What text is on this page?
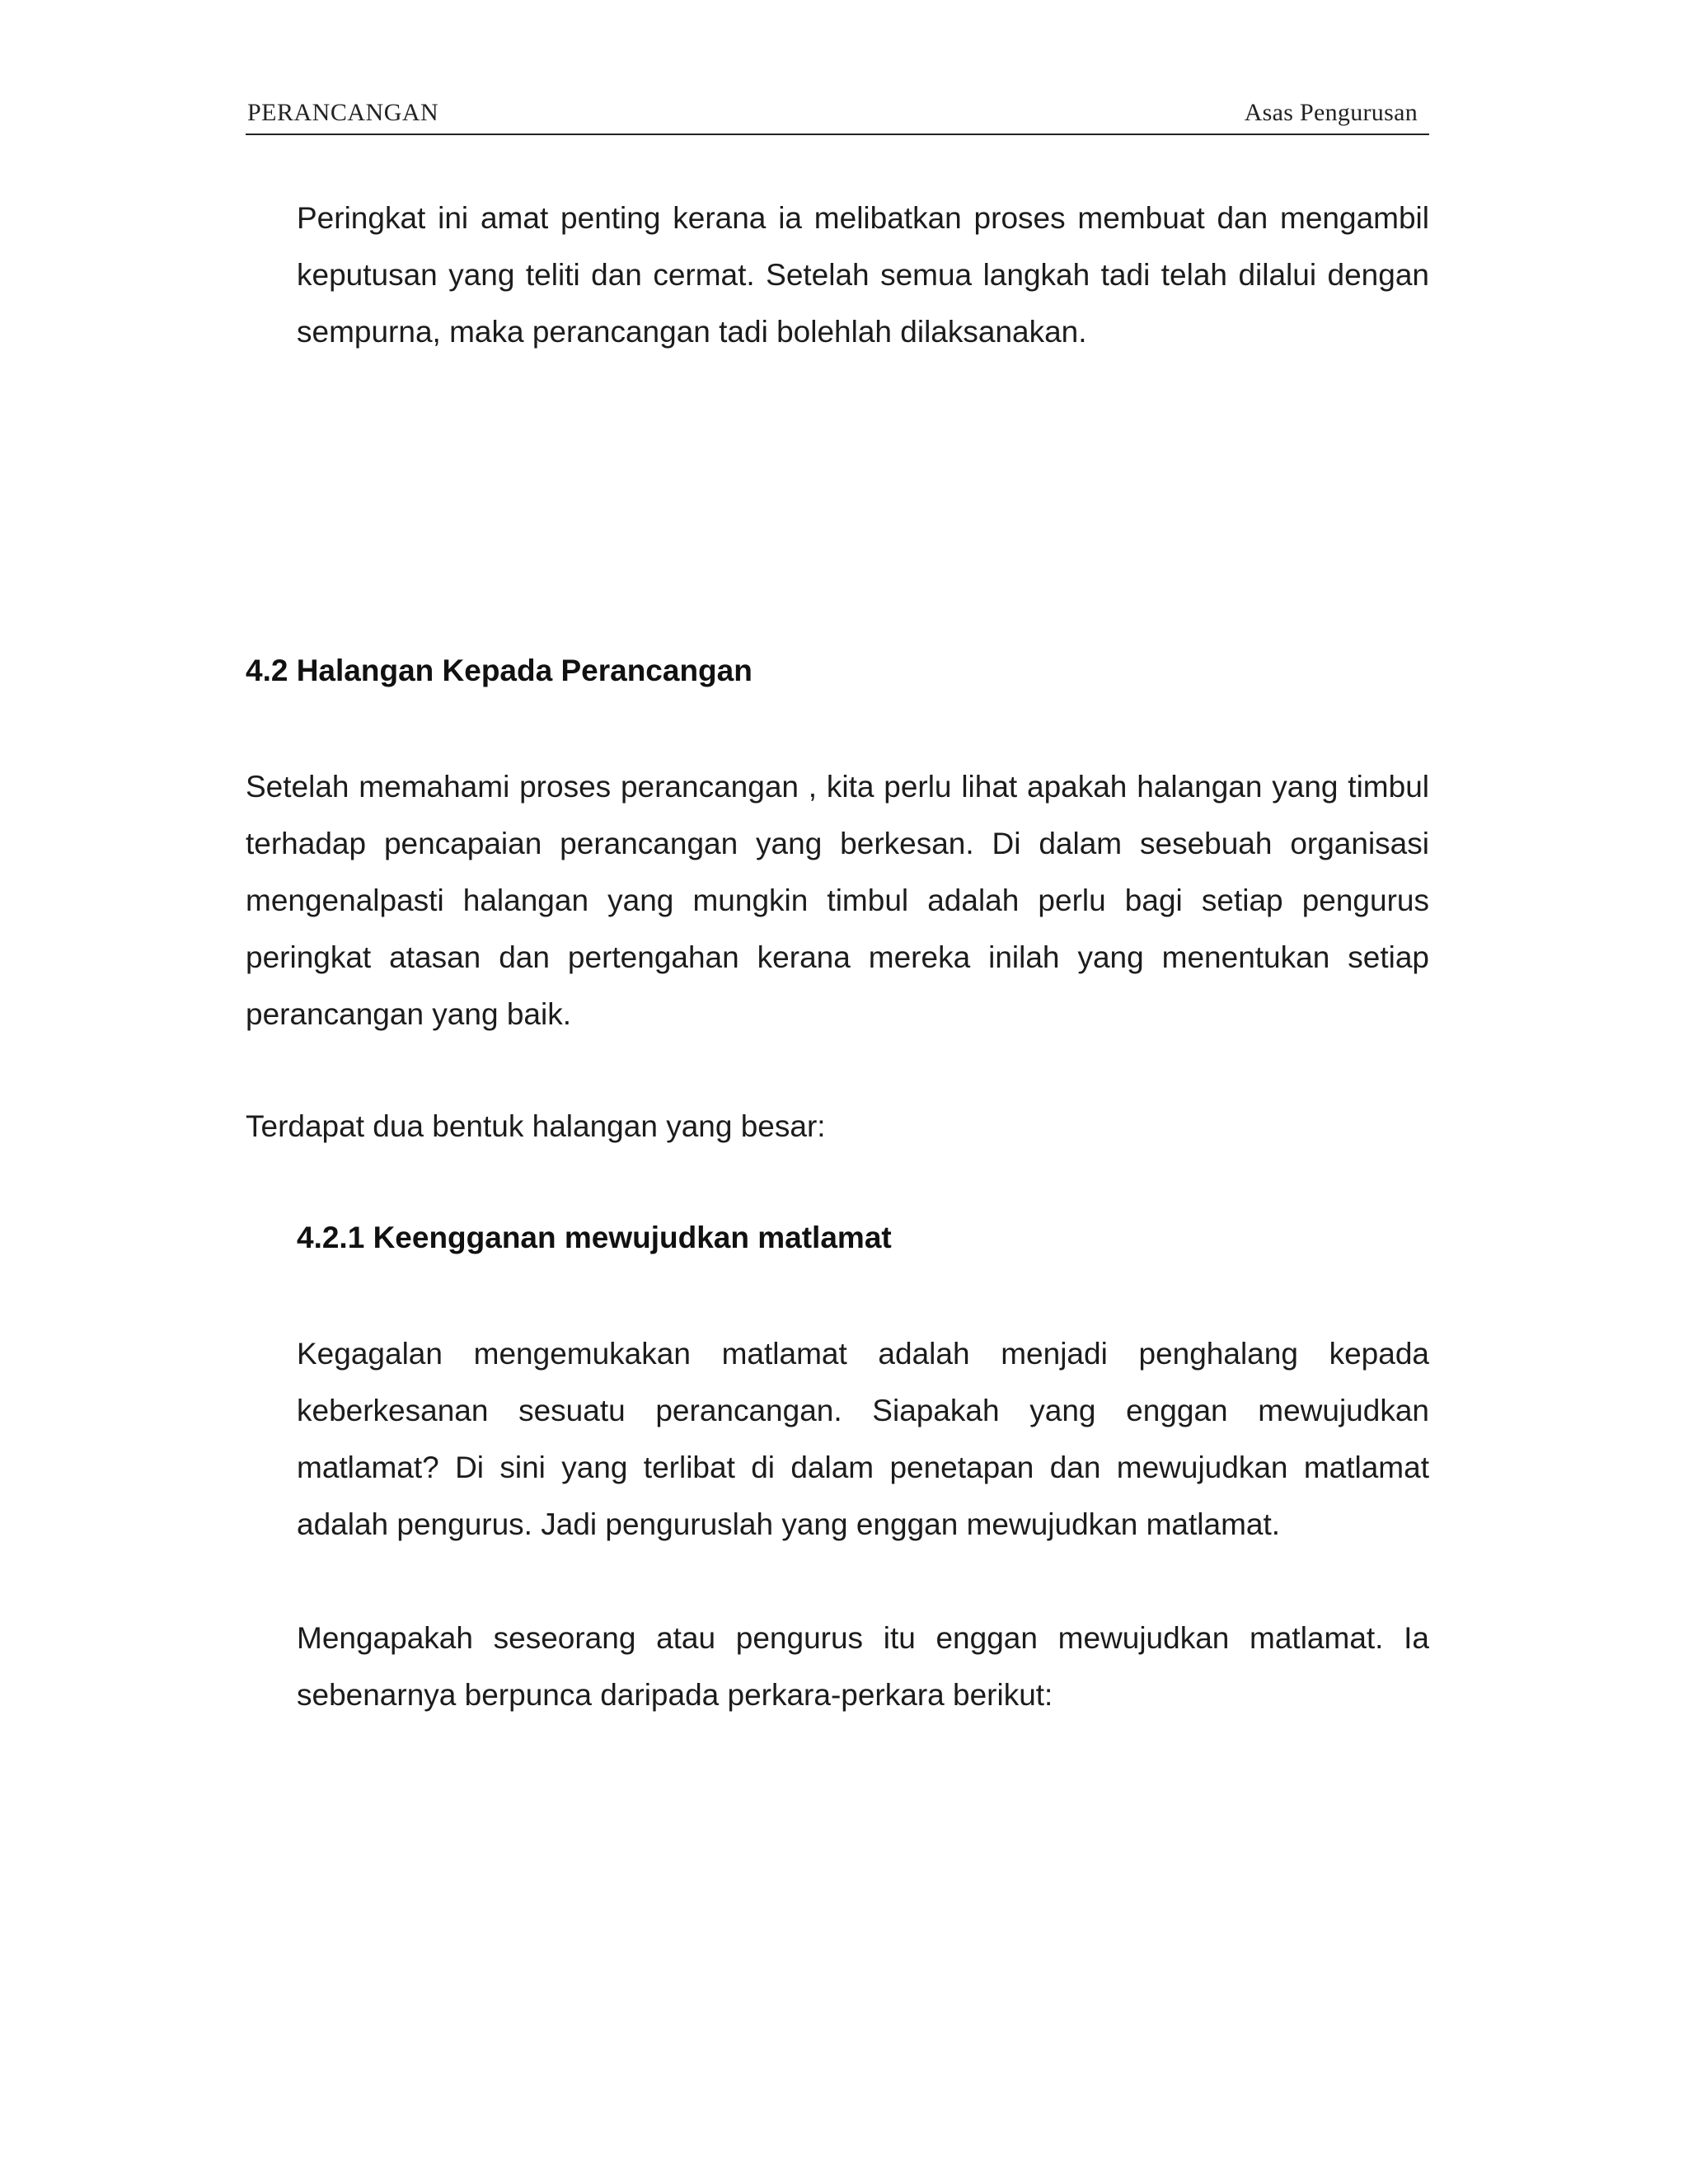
PERANCANGAN	Asas Pengurusan

Peringkat ini amat penting kerana ia melibatkan proses membuat dan mengambil keputusan yang teliti dan cermat. Setelah semua langkah tadi telah dilalui dengan sempurna, maka perancangan tadi bolehlah dilaksanakan.

4.2 Halangan Kepada Perancangan

Setelah memahami proses perancangan , kita perlu lihat apakah halangan yang timbul terhadap pencapaian perancangan yang berkesan. Di dalam sesebuah organisasi mengenalpasti halangan yang mungkin timbul adalah perlu bagi setiap pengurus peringkat atasan dan pertengahan kerana mereka inilah yang menentukan setiap perancangan yang baik.

Terdapat dua bentuk halangan yang besar:

4.2.1 Keengganan mewujudkan matlamat

Kegagalan mengemukakan matlamat adalah menjadi penghalang kepada keberkesanan sesuatu perancangan. Siapakah yang enggan mewujudkan matlamat? Di sini yang terlibat di dalam penetapan dan mewujudkan matlamat adalah pengurus. Jadi penguruslah yang enggan mewujudkan matlamat.

Mengapakah seseorang atau pengurus itu enggan mewujudkan matlamat. Ia sebenarnya berpunca daripada perkara-perkara berikut:
